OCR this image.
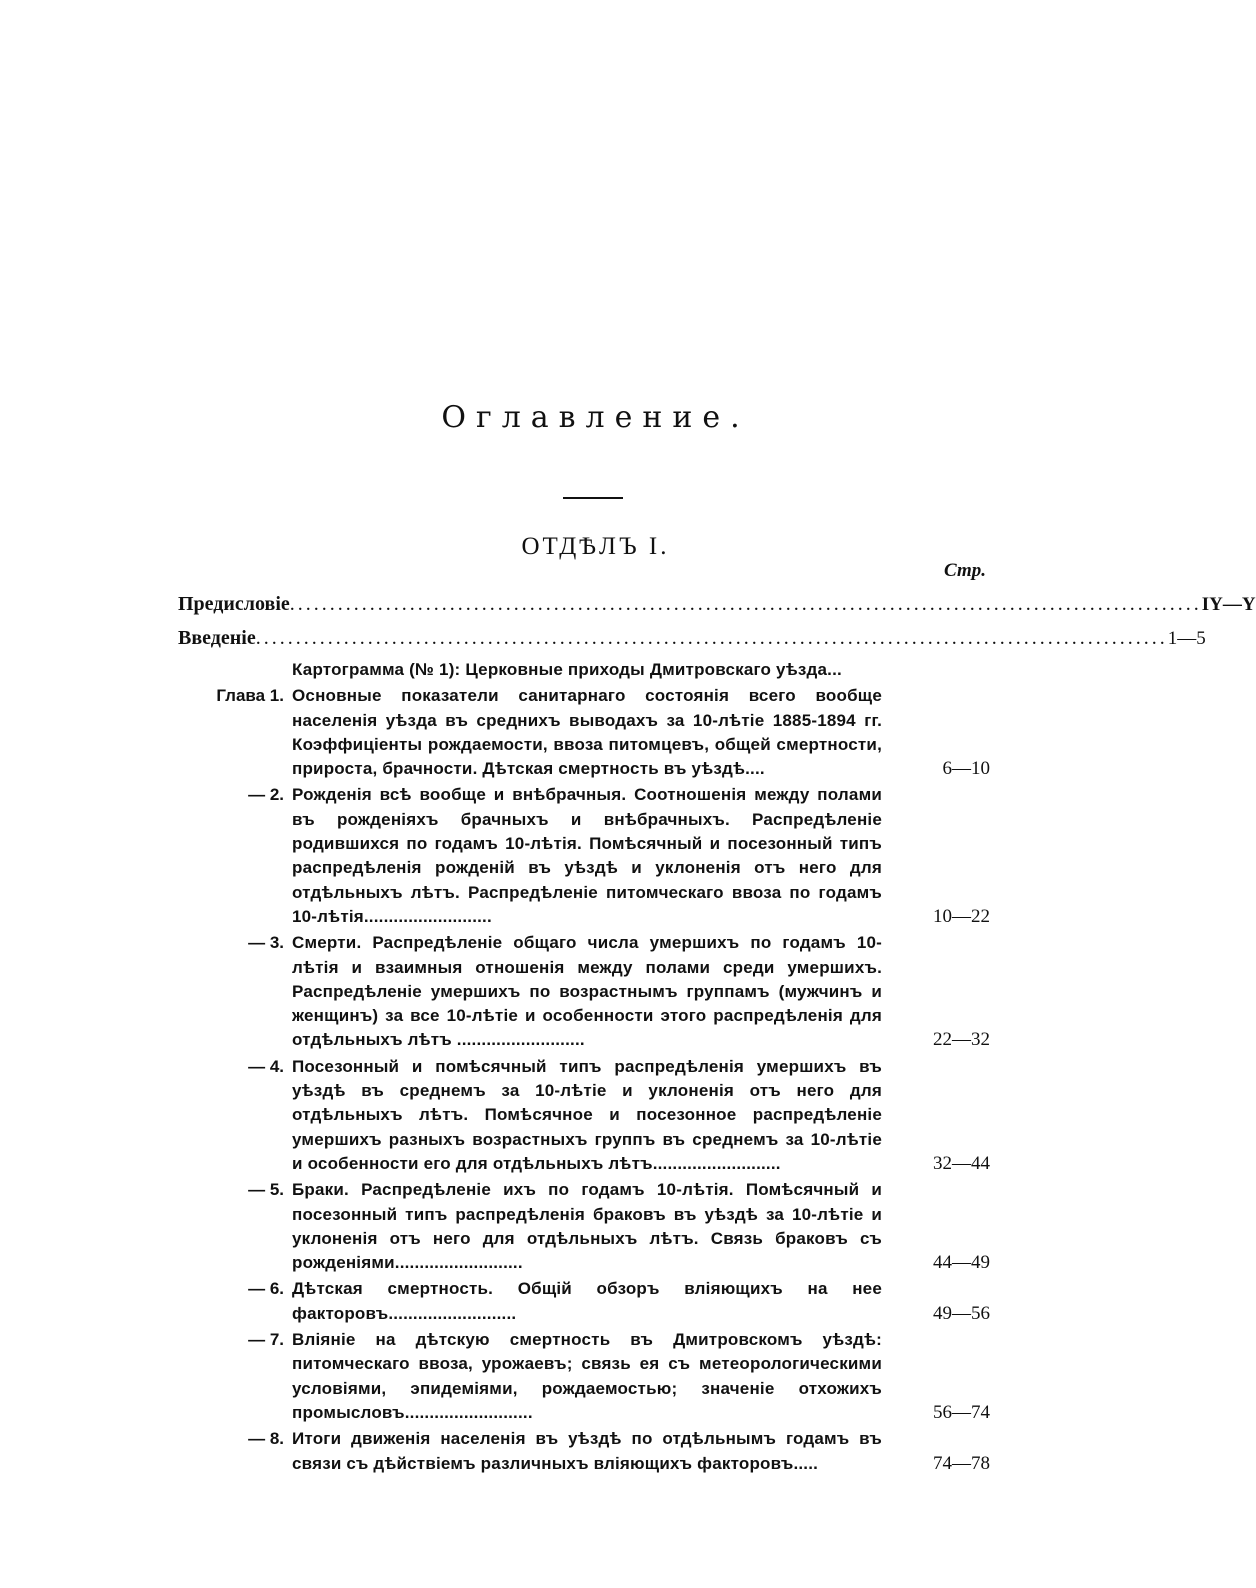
Оглавление.
ОТДѢЛЪ I.
Стр.
Предисловіе .................................................................................................................. IY—Y
Введеніе .................................................................................................................. 1—5
Картограмма (№ 1): Церковные приходы Дмитровскаго уѣзда...
Глава 1. Основные показатели санитарнаго состоянія всего вообще населенія уѣзда въ среднихъ выводахъ за 10-лѣтіе 1885-1894 гг. Коэффиціенты рождаемости, ввоза питомцевъ, общей смертности, прироста, брачности. Дѣтская смертность въ уѣздѣ....	6—10
— 2. Рожденія всѣ вообще и внѣбрачныя. Соотношенія между полами въ рожденіяхъ брачныхъ и внѣбрачныхъ. Распредѣленіе родившихся по годамъ 10-лѣтія. Помѣсячный и посезонный типъ распредѣленія рожденій въ уѣздѣ и уклоненія отъ него для отдѣльныхъ лѣтъ. Распредѣленіе питомческаго ввоза по годамъ 10-лѣтія..........................	10—22
— 3. Смерти. Распредѣленіе общаго числа умершихъ по годамъ 10-лѣтія и взаимныя отношенія между полами среди умершихъ. Распредѣленіе умершихъ по возрастнымъ группамъ (мужчинъ и женщинъ) за все 10-лѣтіе и особенности этого распредѣленія для отдѣльныхъ лѣтъ ..........................	22—32
— 4. Посезонный и помѣсячный типъ распредѣленія умершихъ въ уѣздѣ въ среднемъ за 10-лѣтіе и уклоненія отъ него для отдѣльныхъ лѣтъ. Помѣсячное и посезонное распредѣленіе умершихъ разныхъ возрастныхъ группъ въ среднемъ за 10-лѣтіе и особенности его для отдѣльныхъ лѣтъ..........................	32—44
— 5. Браки. Распредѣленіе ихъ по годамъ 10-лѣтія. Помѣсячный и посезонный типъ распредѣленія браковъ въ уѣздѣ за 10-лѣтіе и уклоненія отъ него для отдѣльныхъ лѣтъ. Связь браковъ съ рожденіями..........................	44—49
— 6. Дѣтская смертность. Общій обзоръ вліяющихъ на нее факторовъ..........................	49—56
— 7. Вліяніе на дѣтскую смертность въ Дмитровскомъ уѣздѣ: питомческаго ввоза, урожаевъ; связь ея съ метеорологическими условіями, эпидеміями, рождаемостью; значеніе отхожихъ промысловъ..........................	56—74
— 8. Итоги движенія населенія въ уѣздѣ по отдѣльнымъ годамъ въ связи съ дѣйствіемъ различныхъ вліяющихъ факторовъ.....	74—78
